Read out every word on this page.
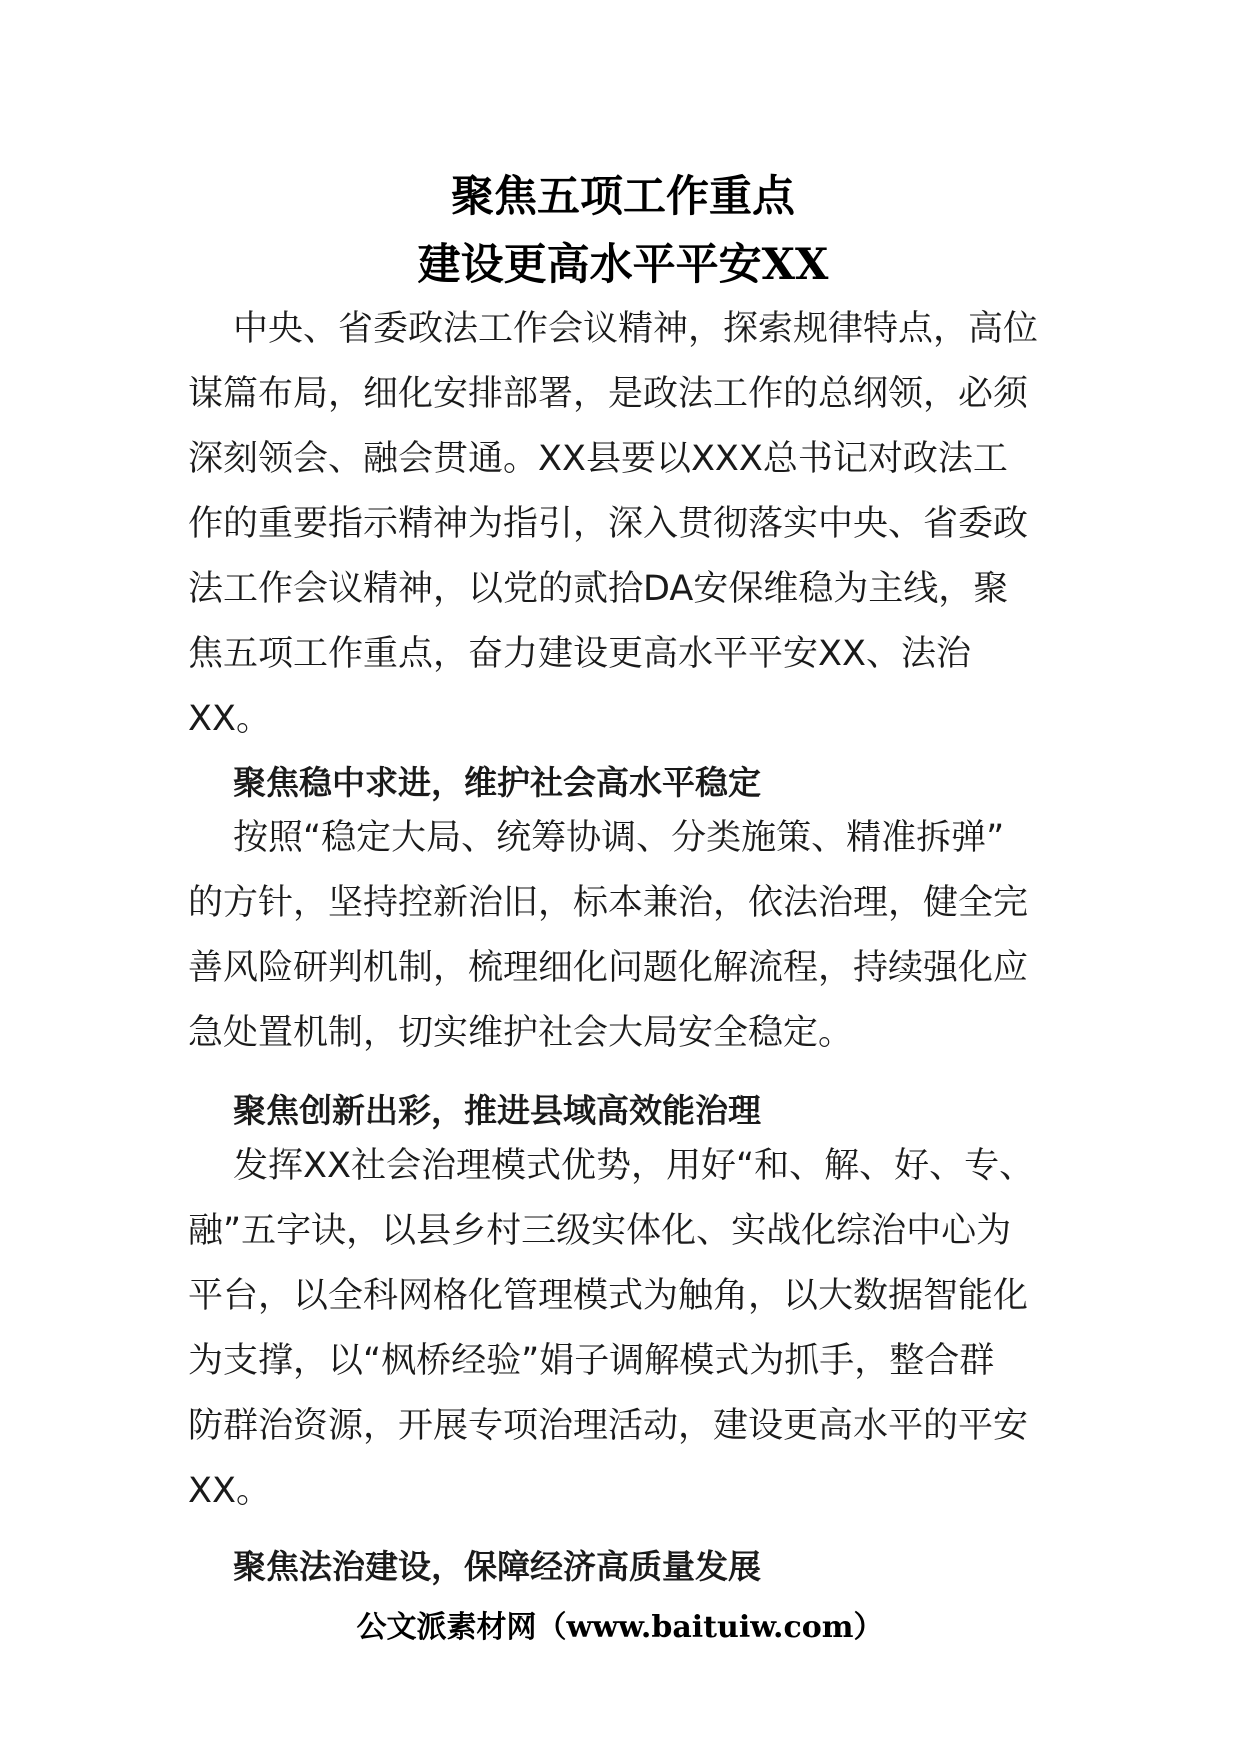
聚焦五项工作重点
建设更高水平平安XX

中央、省委政法工作会议精神，探索规律特点，高位
谋篇布局，细化安排部署，是政法工作的总纲领，必须
深刻领会、融会贯通。XX县要以XXX总书记对政法工
作的重要指示精神为指引，深入贯彻落实中央、省委政
法工作会议精神，以党的贰拾DA安保维稳为主线，聚
焦五项工作重点，奋力建设更高水平平安XX、法治
XX。

聚焦稳中求进，维护社会高水平稳定

按照“稳定大局、统筹协调、分类施策、精准拆弹”
的方针，坚持控新治旧，标本兼治，依法治理，健全完
善风险研判机制，梳理细化问题化解流程，持续强化应
急处置机制，切实维护社会大局安全稳定。

聚焦创新出彩，推进县域高效能治理

发挥XX社会治理模式优势，用好“和、解、好、专、
融”五字诀，以县乡村三级实体化、实战化综治中心为
平台，以全科网格化管理模式为触角，以大数据智能化
为支撑，以“枫桥经验”娟子调解模式为抓手，整合群
防群治资源，开展专项治理活动，建设更高水平的平安
XX。

聚焦法治建设，保障经济高质量发展
公文派素材网（www.baituiw.com）
